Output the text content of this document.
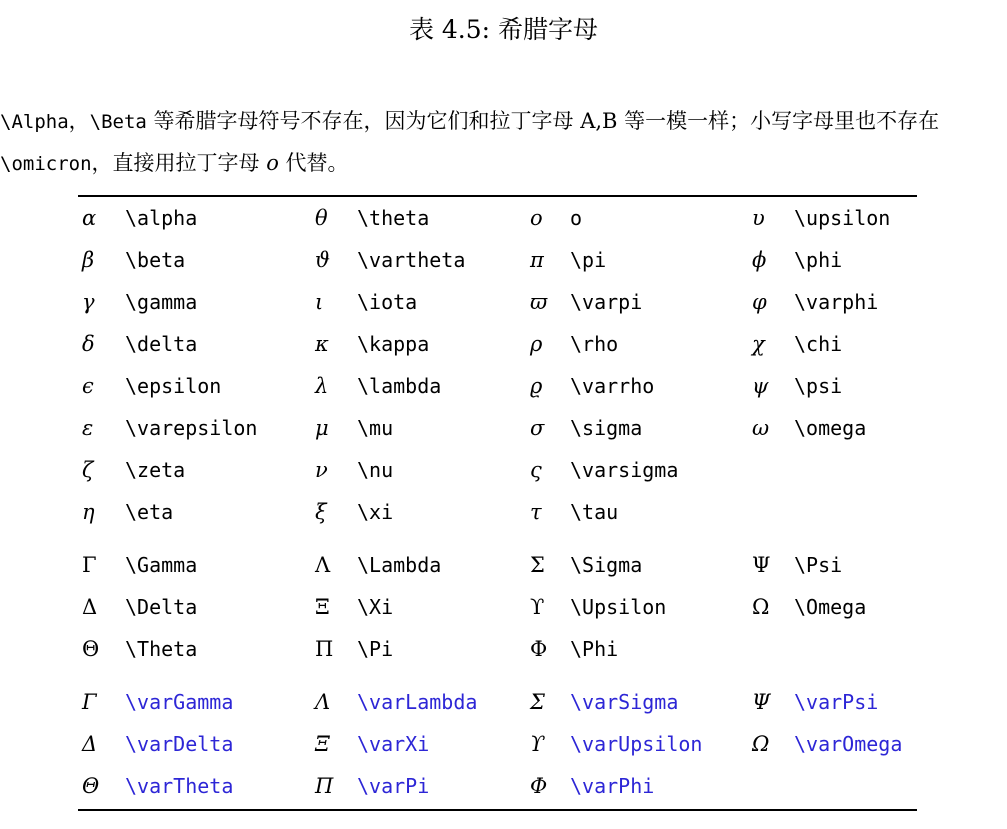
表 4.5: 希腊字母
\Alpha，\Beta 等希腊字母符号不存在，因为它们和拉丁字母 A,B 等一模一样；小写字母里也不存在
\omicron，直接用拉丁字母 o 代替。
α	\alpha	θ	\theta	o	o	υ	\upsilon
β	\beta	ϑ	\vartheta	π	\pi	ϕ	\phi
γ	\gamma	ι	\iota	ϖ	\varpi	φ	\varphi
δ	\delta	κ	\kappa	ρ	\rho	χ	\chi
ϵ	\epsilon	λ	\lambda	ϱ	\varrho	ψ	\psi
ε	\varepsilon	μ	\mu	σ	\sigma	ω	\omega
ζ	\zeta	ν	\nu	ς	\varsigma
η	\eta	ξ	\xi	τ	\tau
Γ	\Gamma	Λ	\Lambda	Σ	\Sigma	Ψ	\Psi
Δ	\Delta	Ξ	\Xi	ϒ	\Upsilon	Ω	\Omega
Θ	\Theta	Π	\Pi	Φ	\Phi
Γ	\varGamma	Λ	\varLambda	Σ	\varSigma	Ψ	\varPsi
Δ	\varDelta	Ξ	\varXi	ϒ	\varUpsilon	Ω	\varOmega
Θ	\varTheta	Π	\varPi	Φ	\varPhi
